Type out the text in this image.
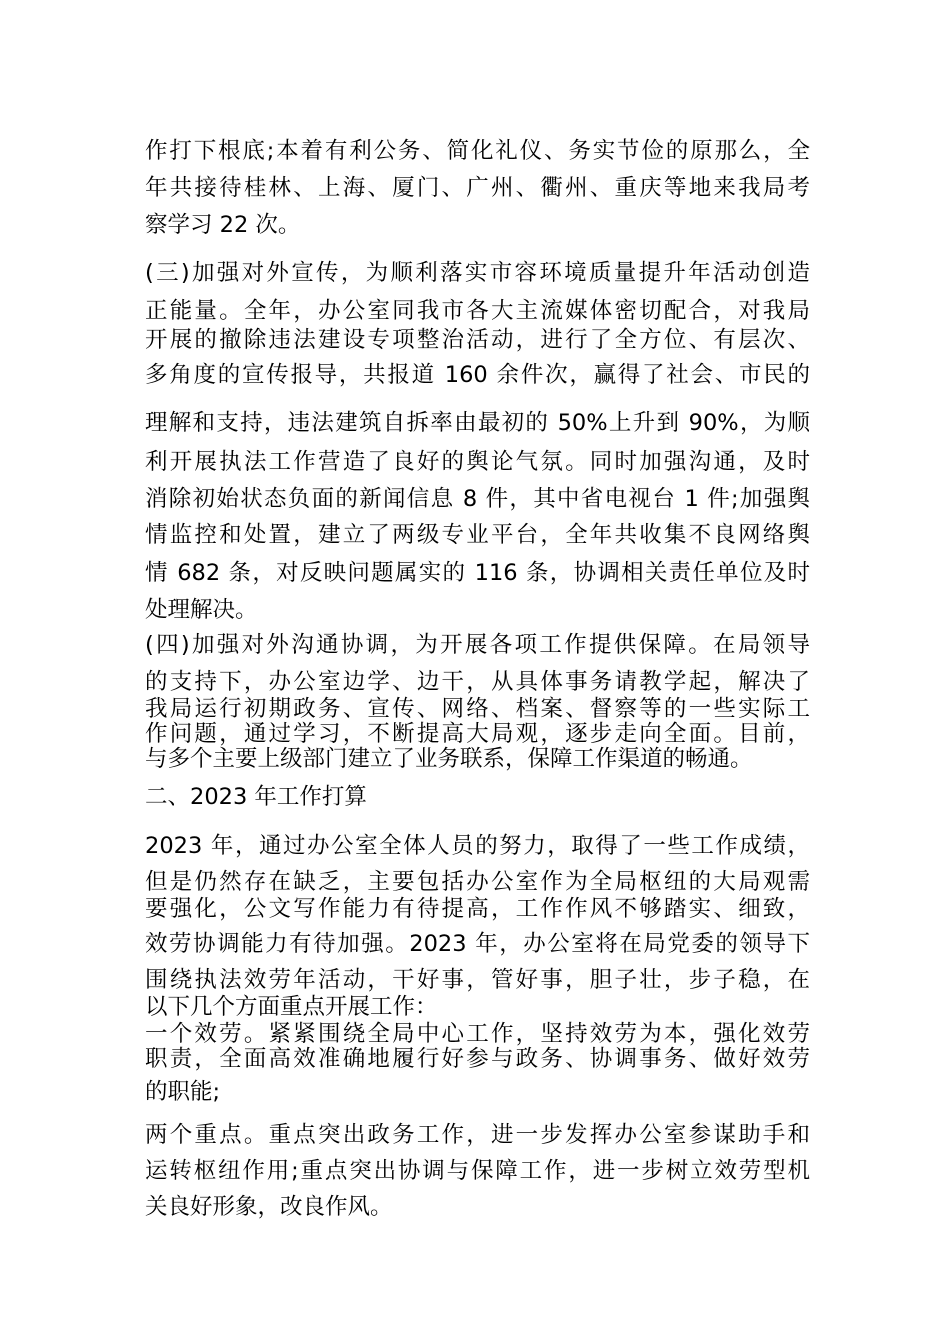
作打下根底;本着有利公务、简化礼仪、务实节俭的原那么，全
年共接待桂林、上海、厦门、广州、衢州、重庆等地来我局考
察学习 22 次。
(三)加强对外宣传，为顺利落实市容环境质量提升年活动创造
正能量。全年，办公室同我市各大主流媒体密切配合，对我局
开展的撤除违法建设专项整治活动，进行了全方位、有层次、
多角度的宣传报导，共报道 160 余件次，赢得了社会、市民的
理解和支持，违法建筑自拆率由最初的 50%上升到 90%，为顺
利开展执法工作营造了良好的舆论气氛。同时加强沟通，及时
消除初始状态负面的新闻信息 8 件，其中省电视台 1 件;加强舆
情监控和处置，建立了两级专业平台，全年共收集不良网络舆
情 682 条，对反映问题属实的 116 条，协调相关责任单位及时
处理解决。
(四)加强对外沟通协调，为开展各项工作提供保障。在局领导
的支持下，办公室边学、边干，从具体事务请教学起，解决了
我局运行初期政务、宣传、网络、档案、督察等的一些实际工
作问题，通过学习，不断提高大局观，逐步走向全面。目前，
与多个主要上级部门建立了业务联系，保障工作渠道的畅通。
二、2023 年工作打算
2023 年，通过办公室全体人员的努力，取得了一些工作成绩，
但是仍然存在缺乏，主要包括办公室作为全局枢纽的大局观需
要强化，公文写作能力有待提高，工作作风不够踏实、细致，
效劳协调能力有待加强。2023 年，办公室将在局党委的领导下
围绕执法效劳年活动，干好事，管好事，胆子壮，步子稳，在
以下几个方面重点开展工作：
一个效劳。紧紧围绕全局中心工作，坚持效劳为本，强化效劳
职责，全面高效准确地履行好参与政务、协调事务、做好效劳
的职能;
两个重点。重点突出政务工作，进一步发挥办公室参谋助手和
运转枢纽作用;重点突出协调与保障工作，进一步树立效劳型机
关良好形象，改良作风。
